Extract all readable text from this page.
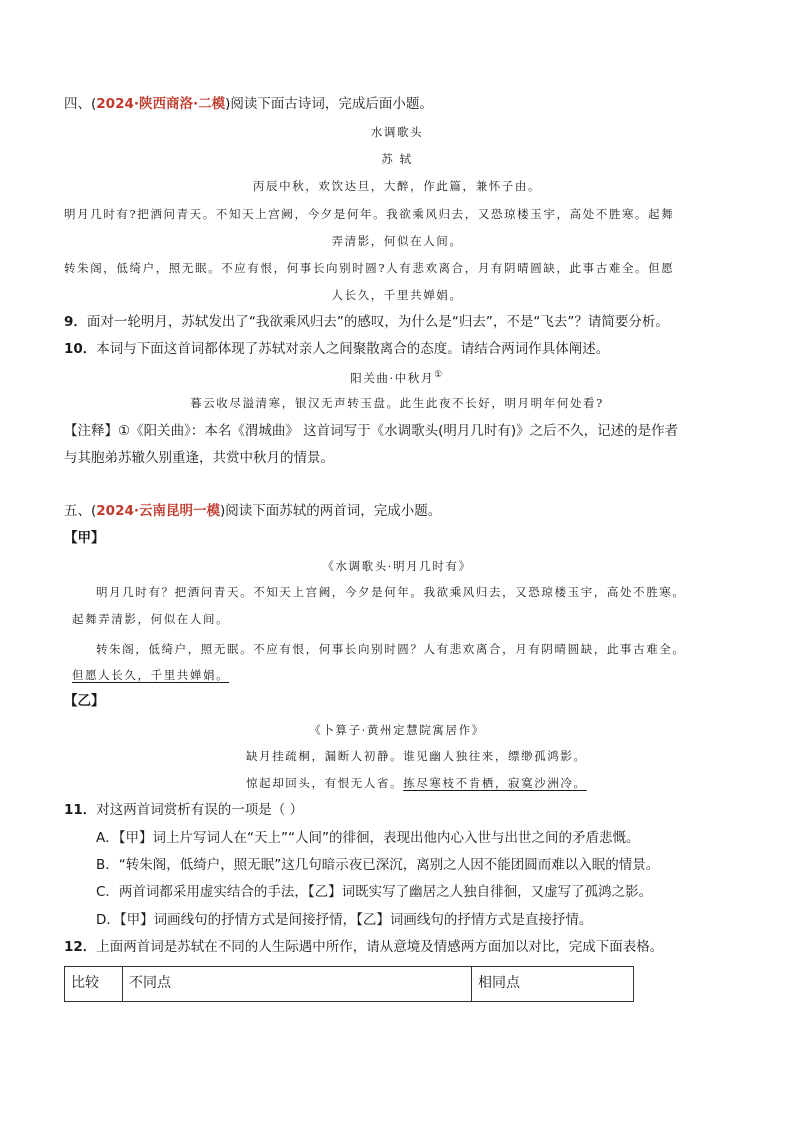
四、(2024·陕西商洛·二模)阅读下面古诗词，完成后面小题。
水调歌头
苏 轼
丙辰中秋，欢饮达旦，大醉，作此篇，兼怀子由。
明月几时有?把酒问青天。不知天上宫阙，今夕是何年。我欲乘风归去，又恐琼楼玉宇，高处不胜寒。起舞
弄清影，何似在人间。
转朱阁，低绮户，照无眠。不应有恨，何事长向别时圆?人有悲欢离合，月有阴晴圆缺，此事古难全。但愿
人长久，千里共婵娟。
9．面对一轮明月，苏轼发出了“我欲乘风归去”的感叹，为什么是“归去”，不是“飞去”？请简要分析。
10．本词与下面这首词都体现了苏轼对亲人之间聚散离合的态度。请结合两词作具体阐述。
阳关曲·中秋月①
暮云收尽溢清寒，银汉无声转玉盘。此生此夜不长好，明月明年何处看?
【注释】①《阳关曲》：本名《渭城曲》 这首词写于《水调歌头(明月几时有)》之后不久，记述的是作者
与其胞弟苏辙久别重逢，共赏中秋月的情景。
五、(2024·云南昆明一模)阅读下面苏轼的两首词，完成小题。
【甲】
《水调歌头·明月几时有》
明月几时有？把酒问青天。不知天上宫阙，今夕是何年。我欲乘风归去，又恐琼楼玉宇，高处不胜寒。
起舞弄清影，何似在人间。
转朱阁，低绮户，照无眠。不应有恨，何事长向别时圆？人有悲欢离合，月有阴晴圆缺，此事古难全。
但愿人长久，千里共婵娟。
【乙】
《卜算子·黄州定慧院寓居作》
缺月挂疏桐，漏断人初静。谁见幽人独往来，缥缈孤鸿影。
惊起却回头，有恨无人省。拣尽寒枝不肯栖，寂寞沙洲冷。
11．对这两首词赏析有误的一项是（ ）
A．【甲】词上片写词人在“天上”“人间”的徘徊，表现出他内心入世与出世之间的矛盾悲慨。
B．“转朱阁，低绮户，照无眠”这几句暗示夜已深沉，离别之人因不能团圆而难以入眠的情景。
C．两首词都采用虚实结合的手法，【乙】词既实写了幽居之人独自徘徊，又虚写了孤鸿之影。
D．【甲】词画线句的抒情方式是间接抒情，【乙】词画线句的抒情方式是直接抒情。
12．上面两首词是苏轼在不同的人生际遇中所作，请从意境及情感两方面加以对比，完成下面表格。
比较	不同点	相同点
